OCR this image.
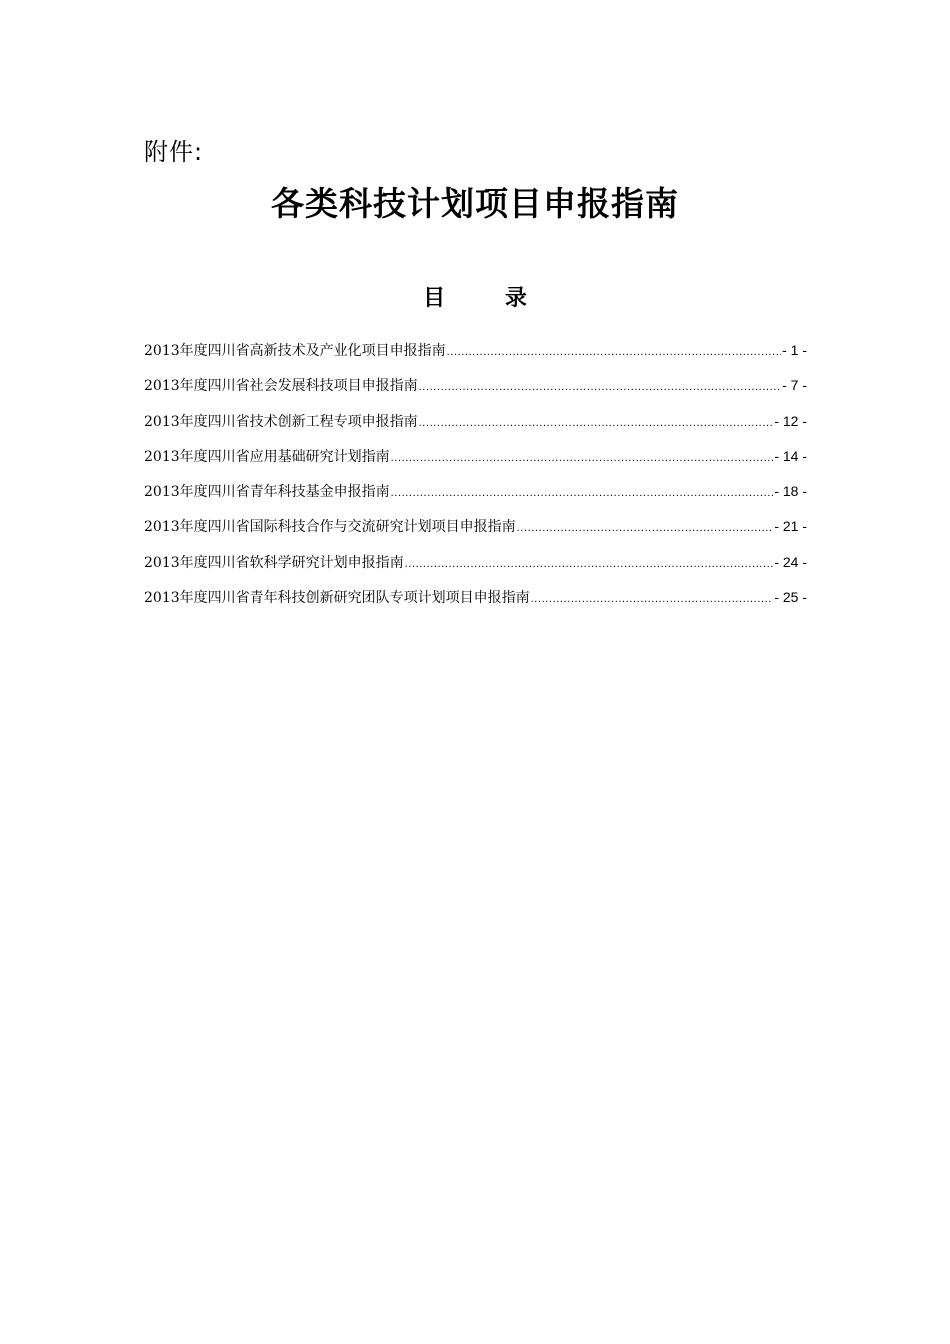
附件:
各类科技计划项目申报指南
目 录
2013年度四川省高新技术及产业化项目申报指南 .....	- 1 -
2013年度四川省社会发展科技项目申报指南 .....	- 7 -
2013年度四川省技术创新工程专项申报指南 .....	- 12 -
2013年度四川省应用基础研究计划指南 .....	- 14 -
2013年度四川省青年科技基金申报指南 .....	- 18 -
2013年度四川省国际科技合作与交流研究计划项目申报指南 .....	- 21 -
2013年度四川省软科学研究计划申报指南 .....	- 24 -
2013年度四川省青年科技创新研究团队专项计划项目申报指南 .....	- 25 -
